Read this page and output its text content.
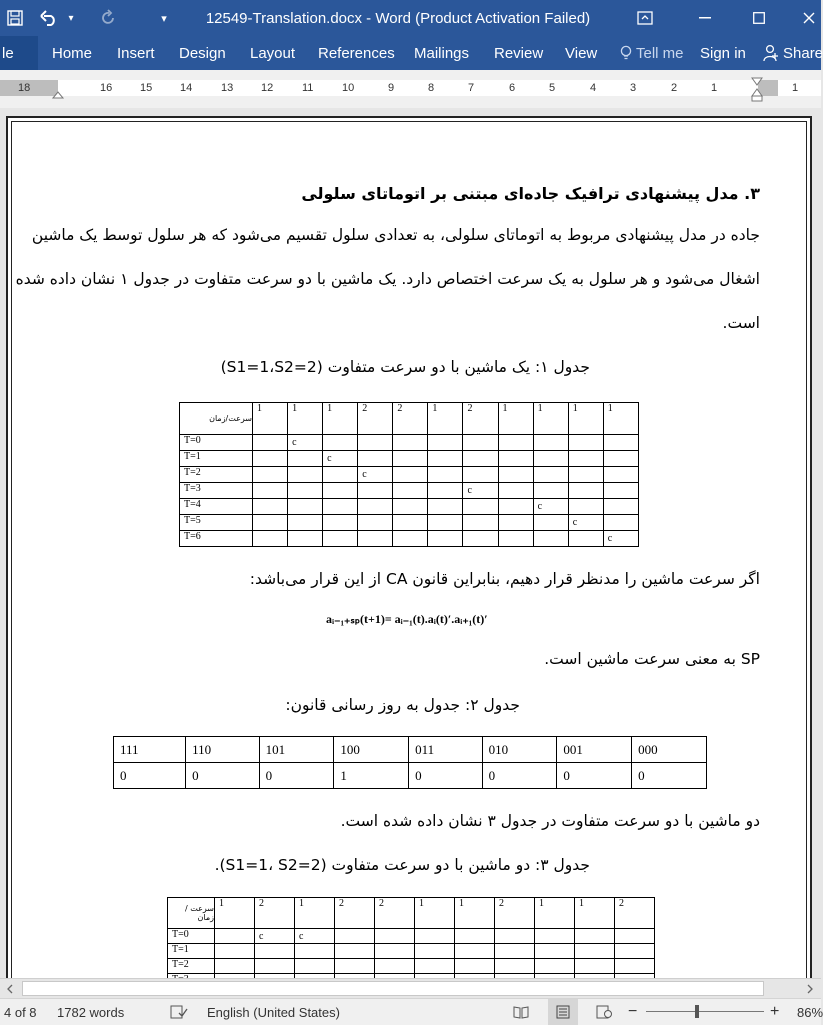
▾	▾	12549-Translation.docx - Word (Product Activation Failed)
le	Home Insert Design Layout References Mailings Review View	Tell me Sign in Share
18	16	15	14	13	12	11	10	9	8	7	6	5	4	3	2	1	1
۳. مدل پیشنهادی ترافیک جاده‌ای مبتنی بر اتوماتای سلولی
جاده در مدل پیشنهادی مربوط به اتوماتای سلولی، به تعدادی سلول تقسیم می‌شود که هر سلول توسط یک ماشین
اشغال می‌شود و هر سلول به یک سرعت اختصاص دارد. یک ماشین با دو سرعت متفاوت در جدول ۱ نشان داده شده
است.
جدول ۱: یک ماشین با دو سرعت متفاوت (S1=1،S2=2)
سرعت/زمان	1	1	1	2	2	1	2	1	1	1	1
T=0		c									
T=1			c								
T=2				c							
T=3							c				
T=4									c		
T=5										c	
T=6											c
اگر سرعت ماشین را مدنظر قرار دهیم، بنابراین قانون CA از این قرار می‌باشد:
aᵢ₋₁₊ₛₚ(t+1)= aᵢ₋₁(t).aᵢ(t)′.aᵢ₊₁(t)′
SP به معنی سرعت ماشین است.
جدول ۲: جدول به روز رسانی قانون:
111	110	101	100	011	010	001	000
0	0	0	1	0	0	0	0
دو ماشین با دو سرعت متفاوت در جدول ۳ نشان داده شده است.
جدول ۳: دو ماشین با دو سرعت متفاوت (S1=1، S2=2).
سرعت / زمان	1	2	1	2	2	1	1	2	1	1	2
T=0		c	c								
T=1											
T=2											

4 of 8 1782 words	English (United States)	−	+ 86%
